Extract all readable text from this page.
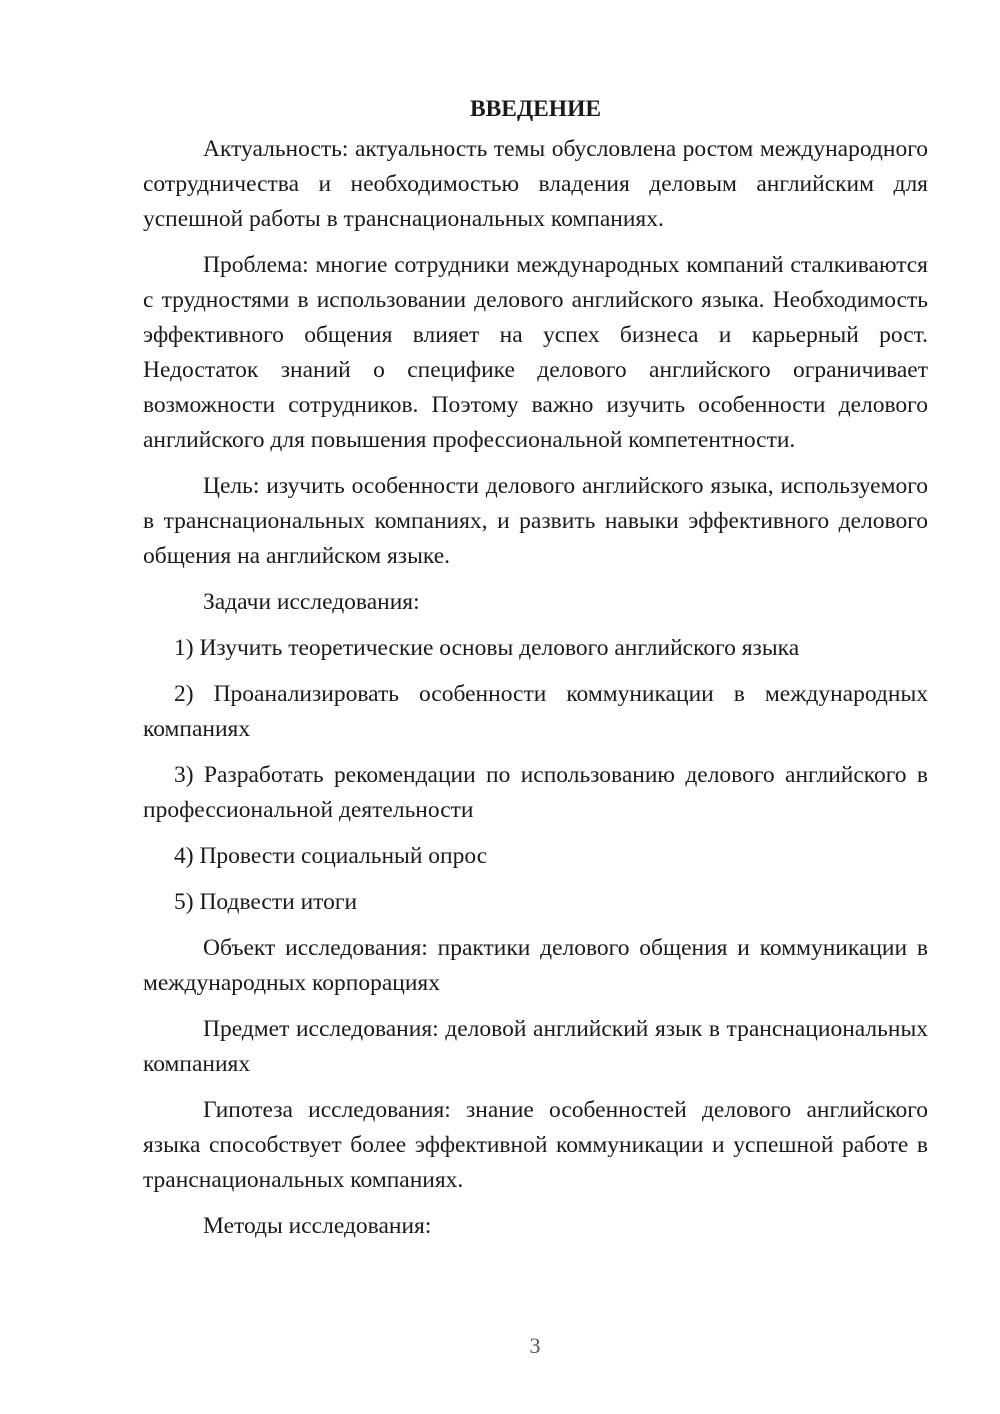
ВВЕДЕНИЕ

Актуальность: актуальность темы обусловлена ростом международного сотрудничества и необходимостью владения деловым английским для успешной работы в транснациональных компаниях.

Проблема: многие сотрудники международных компаний сталкиваются с трудностями в использовании делового английского языка. Необходимость эффективного общения влияет на успех бизнеса и карьерный рост. Недостаток знаний о специфике делового английского ограничивает возможности сотрудников. Поэтому важно изучить особенности делового английского для повышения профессиональной компетентности.

Цель: изучить особенности делового английского языка, используемого в транснациональных компаниях, и развить навыки эффективного делового общения на английском языке.

Задачи исследования:

1) Изучить теоретические основы делового английского языка

2) Проанализировать особенности коммуникации в международных компаниях

3) Разработать рекомендации по использованию делового английского в профессиональной деятельности

4) Провести социальный опрос

5) Подвести итоги

Объект исследования: практики делового общения и коммуникации в международных корпорациях

Предмет исследования: деловой английский язык в транснациональных компаниях

Гипотеза исследования: знание особенностей делового английского языка способствует более эффективной коммуникации и успешной работе в транснациональных компаниях.

Методы исследования:

3
